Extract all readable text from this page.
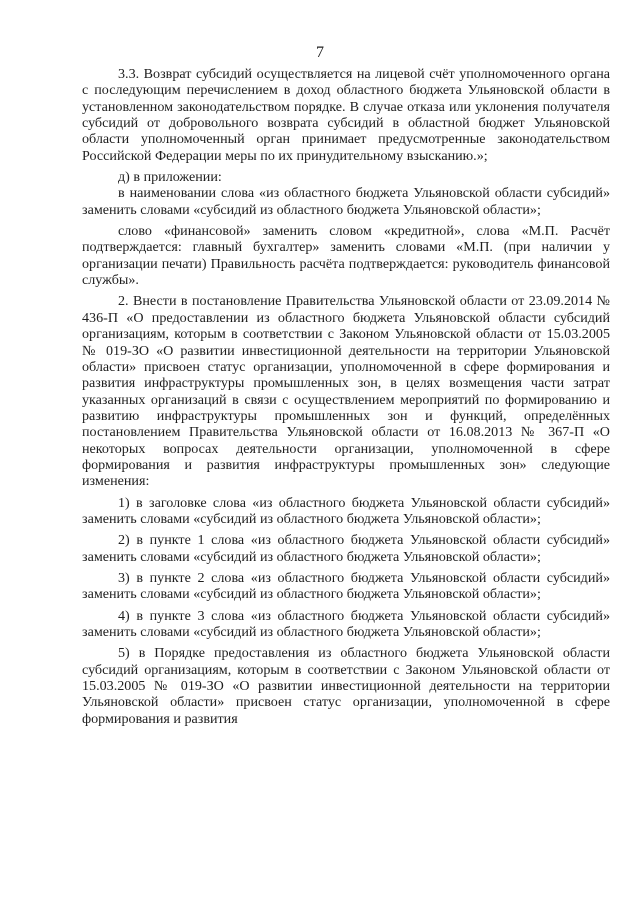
7

3.3. Возврат субсидий осуществляется на лицевой счёт уполномоченного органа с последующим перечислением в доход областного бюджета Ульяновской области в установленном законодательством порядке. В случае отказа или уклонения получателя субсидий от добровольного возврата субсидий в областной бюджет Ульяновской области уполномоченный орган принимает предусмотренные законодательством Российской Федерации меры по их принудительному взысканию.»;

д) в приложении:

в наименовании слова «из областного бюджета Ульяновской области субсидий» заменить словами «субсидий из областного бюджета Ульяновской области»;

слово «финансовой» заменить словом «кредитной», слова «М.П. Расчёт подтверждается: главный бухгалтер» заменить словами «М.П. (при наличии у организации печати) Правильность расчёта подтверждается: руководитель финансовой службы».

2. Внести в постановление Правительства Ульяновской области от 23.09.2014 № 436-П «О предоставлении из областного бюджета Ульяновской области субсидий организациям, которым в соответствии с Законом Ульяновской области от 15.03.2005 № 019-ЗО «О развитии инвестиционной деятельности на территории Ульяновской области» присвоен статус организации, уполномоченной в сфере формирования и развития инфраструктуры промышленных зон, в целях возмещения части затрат указанных организаций в связи с осуществлением мероприятий по формированию и развитию инфраструктуры промышленных зон и функций, определённых постановлением Правительства Ульяновской области от 16.08.2013 № 367-П «О некоторых вопросах деятельности организации, уполномоченной в сфере формирования и развития инфраструктуры промышленных зон» следующие изменения:

1) в заголовке слова «из областного бюджета Ульяновской области субсидий» заменить словами «субсидий из областного бюджета Ульяновской области»;

2) в пункте 1 слова «из областного бюджета Ульяновской области субсидий» заменить словами «субсидий из областного бюджета Ульяновской области»;

3) в пункте 2 слова «из областного бюджета Ульяновской области субсидий» заменить словами «субсидий из областного бюджета Ульяновской области»;

4) в пункте 3 слова «из областного бюджета Ульяновской области субсидий» заменить словами «субсидий из областного бюджета Ульяновской области»;

5) в Порядке предоставления из областного бюджета Ульяновской области субсидий организациям, которым в соответствии с Законом Ульяновской области от 15.03.2005 № 019-ЗО «О развитии инвестиционной деятельности на территории Ульяновской области» присвоен статус организации, уполномоченной в сфере формирования и развития
